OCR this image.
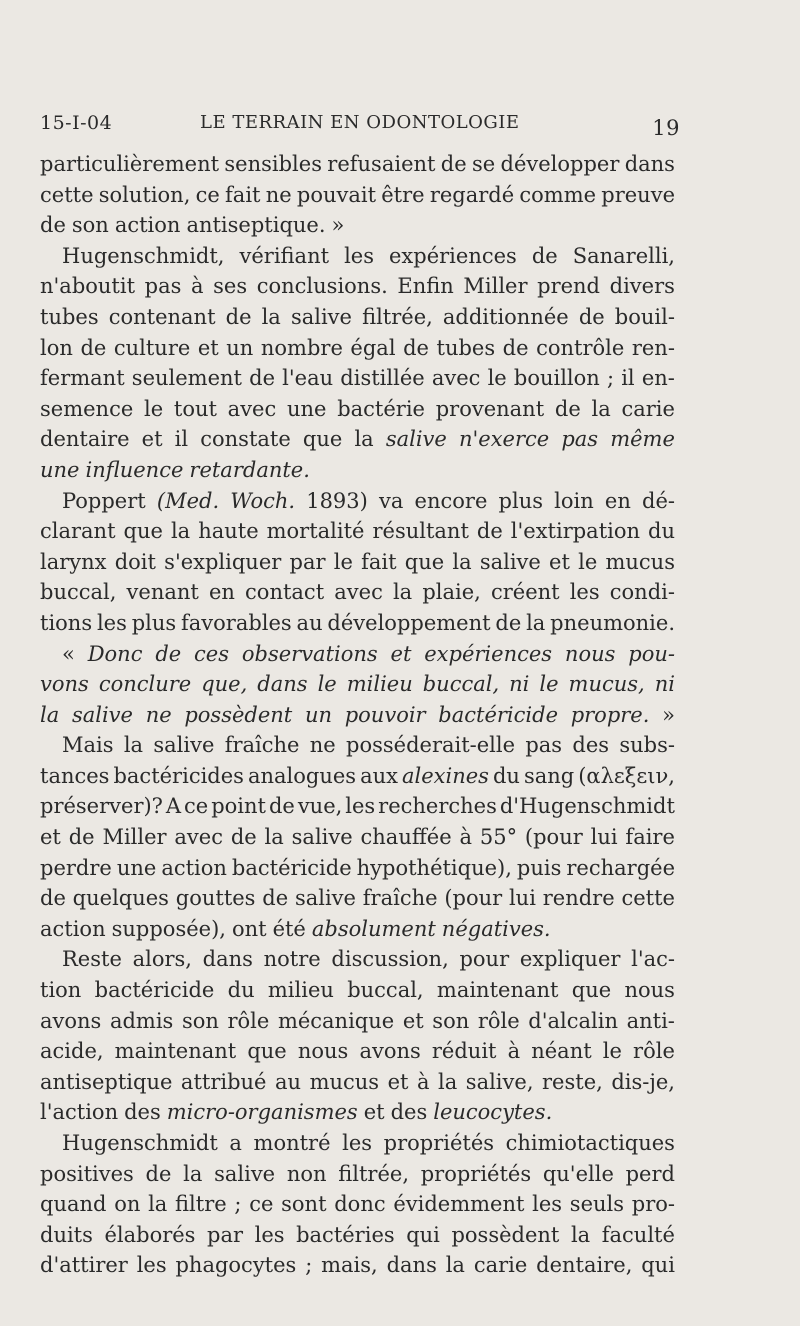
15-I-04	LE TERRAIN EN ODONTOLOGIE	19
particulièrement sensibles refusaient de se développer dans
cette solution, ce fait ne pouvait être regardé comme preuve
de son action antiseptique. »
Hugenschmidt, vérifiant les expériences de Sanarelli,
n'aboutit pas à ses conclusions. Enfin Miller prend divers
tubes contenant de la salive filtrée, additionnée de bouil-
lon de culture et un nombre égal de tubes de contrôle ren-
fermant seulement de l'eau distillée avec le bouillon ; il en-
semence le tout avec une bactérie provenant de la carie
dentaire et il constate que la salive n'exerce pas même
une influence retardante.
Poppert (Med. Woch. 1893) va encore plus loin en dé-
clarant que la haute mortalité résultant de l'extirpation du
larynx doit s'expliquer par le fait que la salive et le mucus
buccal, venant en contact avec la plaie, créent les condi-
tions les plus favorables au développement de la pneumonie.
« Donc de ces observations et expériences nous pou-
vons conclure que, dans le milieu buccal, ni le mucus, ni
la salive ne possèdent un pouvoir bactéricide propre. »
Mais la salive fraîche ne posséderait-elle pas des subs-
tances bactéricides analogues aux alexines du sang (αλεξειν,
préserver)? A ce point de vue, les recherches d'Hugenschmidt
et de Miller avec de la salive chauffée à 55° (pour lui faire
perdre une action bactéricide hypothétique), puis rechargée
de quelques gouttes de salive fraîche (pour lui rendre cette
action supposée), ont été absolument négatives.
Reste alors, dans notre discussion, pour expliquer l'ac-
tion bactéricide du milieu buccal, maintenant que nous
avons admis son rôle mécanique et son rôle d'alcalin anti-
acide, maintenant que nous avons réduit à néant le rôle
antiseptique attribué au mucus et à la salive, reste, dis-je,
l'action des micro-organismes et des leucocytes.
Hugenschmidt a montré les propriétés chimiotactiques
positives de la salive non filtrée, propriétés qu'elle perd
quand on la filtre ; ce sont donc évidemment les seuls pro-
duits élaborés par les bactéries qui possèdent la faculté
d'attirer les phagocytes ; mais, dans la carie dentaire, qui
